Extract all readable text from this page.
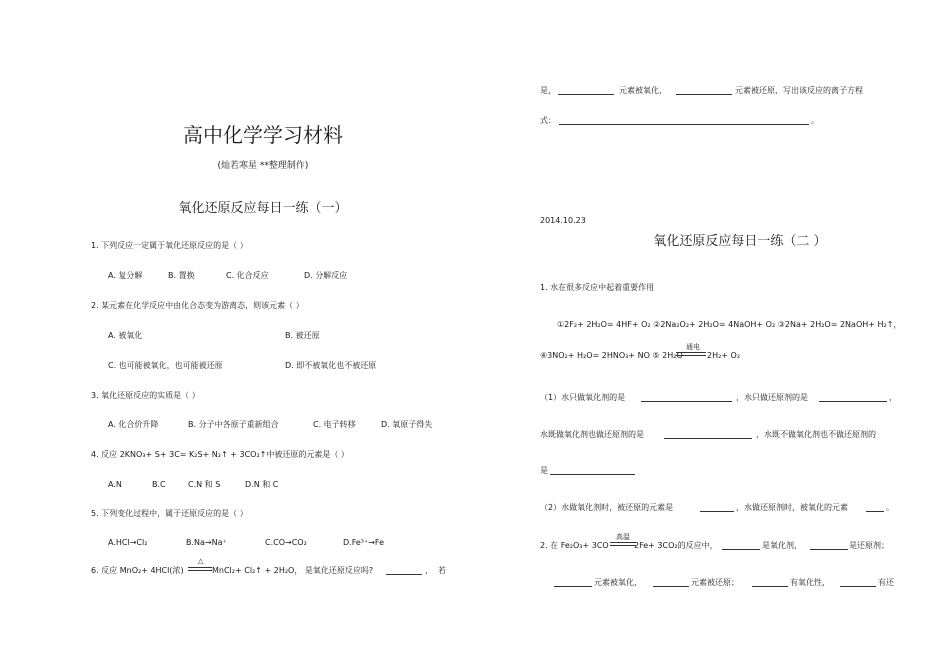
高中化学学习材料
(灿若寒星 **整理制作)
氧化还原反应每日一练（一）
1. 下列反应一定属于氧化还原反应的是（ ）
A. 复分解	B. 置换	C. 化合反应	D. 分解反应
2. 某元素在化学反应中由化合态变为游离态，则该元素（ ）
A. 被氧化	B. 被还原
C. 也可能被氧化，也可能被还原	D. 即不被氧化也不被还原
3. 氧化还原反应的实质是（ ）
A. 化合价升降	B. 分子中各原子重新组合	C. 电子转移	D. 氧原子得失
4. 反应 2KNO₃+ S+ 3C= K₂S+ N₂↑ + 3CO₂↑中被还原的元素是（ ）
A.N	B.C	C.N 和 S	D.N 和 C
5. 下列变化过程中，属于还原反应的是（ ）
A.HCl→Cl₂	B.Na→Na⁺	C.CO→CO₂	D.Fe³⁺→Fe
6. 反应 MnO₂+ 4HCl(浓)
△
MnCl₂+ Cl₂↑ + 2H₂O， 是氧化还原反应吗?	， 若
是，	元素被氧化，	元素被还原，写出该反应的离子方程
式：	。
2014.10.23
氧化还原反应每日一练（二 ）
1. 水在很多反应中起着重要作用
①2F₂+ 2H₂O= 4HF+ O₂ ②2Na₂O₂+ 2H₂O= 4NaOH+ O₂ ③2Na+ 2H₂O= 2NaOH+ H₂↑，
④3NO₂+ H₂O= 2HNO₃+ NO ⑤ 2H₂O
通电
2H₂+ O₂
（1）水只做氧化剂的是	，水只做还原剂的是	，
水既做氧化剂也做还原剂的是	，水既不做氧化剂也不做还原剂的
是
（2）水做氧化剂时，被还原的元素是	，水做还原剂时，被氧化的元素	。
2. 在 Fe₂O₃+ 3CO
高温
2Fe+ 3CO₂的反应中，	是氧化剂，	是还原剂；
元素被氧化，	元素被还原；	有氧化性，	有还
